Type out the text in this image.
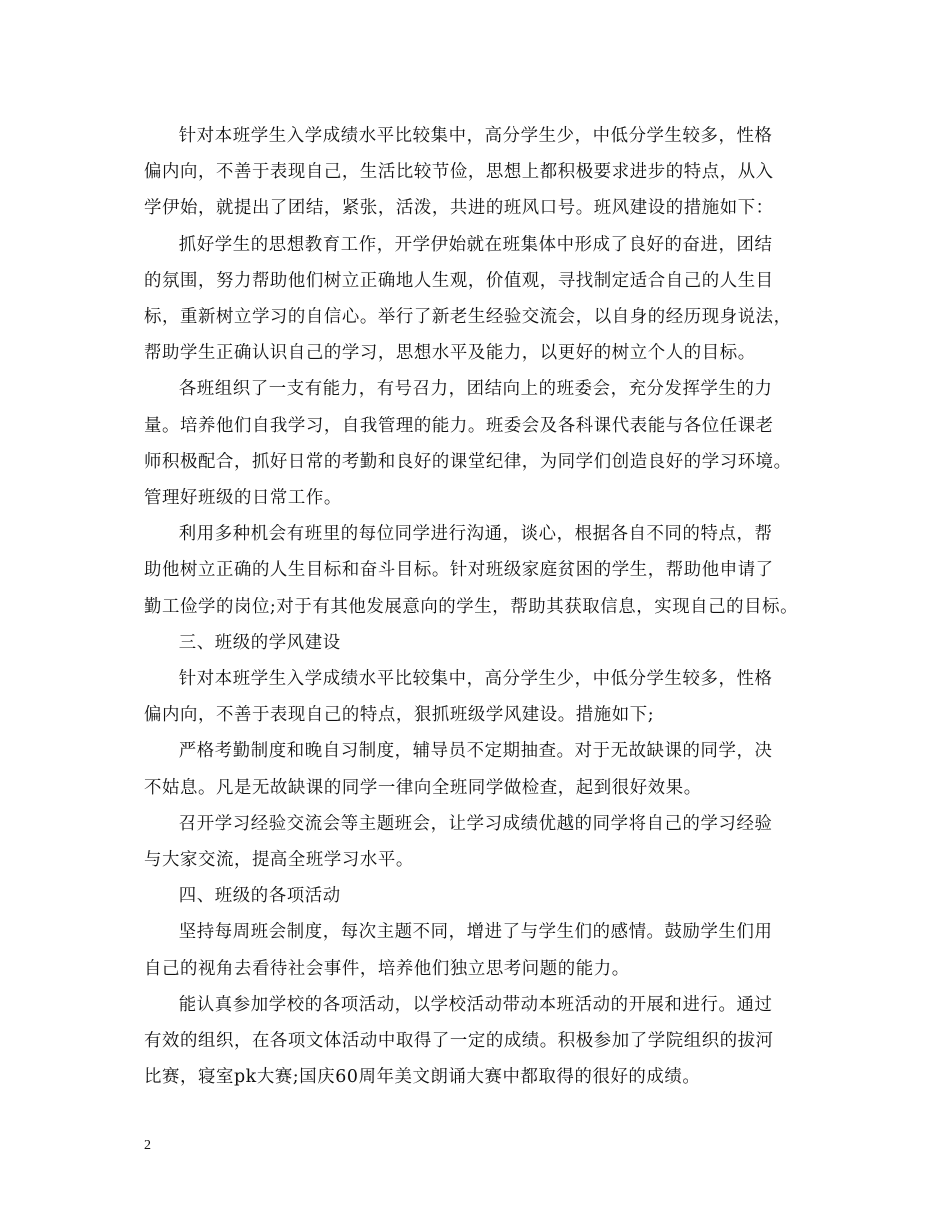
针对本班学生入学成绩水平比较集中，高分学生少，中低分学生较多，性格
偏内向，不善于表现自己，生活比较节俭，思想上都积极要求进步的特点，从入
学伊始，就提出了团结，紧张，活泼，共进的班风口号。班风建设的措施如下：

抓好学生的思想教育工作，开学伊始就在班集体中形成了良好的奋进，团结
的氛围，努力帮助他们树立正确地人生观，价值观，寻找制定适合自己的人生目
标，重新树立学习的自信心。举行了新老生经验交流会，以自身的经历现身说法，
帮助学生正确认识自己的学习，思想水平及能力，以更好的树立个人的目标。

各班组织了一支有能力，有号召力，团结向上的班委会，充分发挥学生的力
量。培养他们自我学习，自我管理的能力。班委会及各科课代表能与各位任课老
师积极配合，抓好日常的考勤和良好的课堂纪律，为同学们创造良好的学习环境。
管理好班级的日常工作。

利用多种机会有班里的每位同学进行沟通，谈心，根据各自不同的特点，帮
助他树立正确的人生目标和奋斗目标。针对班级家庭贫困的学生，帮助他申请了
勤工俭学的岗位;对于有其他发展意向的学生，帮助其获取信息，实现自己的目标。

三、班级的学风建设

针对本班学生入学成绩水平比较集中，高分学生少，中低分学生较多，性格
偏内向，不善于表现自己的特点，狠抓班级学风建设。措施如下;

严格考勤制度和晚自习制度，辅导员不定期抽查。对于无故缺课的同学，决
不姑息。凡是无故缺课的同学一律向全班同学做检查，起到很好效果。

召开学习经验交流会等主题班会，让学习成绩优越的同学将自己的学习经验
与大家交流，提高全班学习水平。

四、班级的各项活动

坚持每周班会制度，每次主题不同，增进了与学生们的感情。鼓励学生们用
自己的视角去看待社会事件，培养他们独立思考问题的能力。

能认真参加学校的各项活动，以学校活动带动本班活动的开展和进行。通过
有效的组织，在各项文体活动中取得了一定的成绩。积极参加了学院组织的拔河
比赛，寝室pk大赛;国庆60周年美文朗诵大赛中都取得的很好的成绩。

2
